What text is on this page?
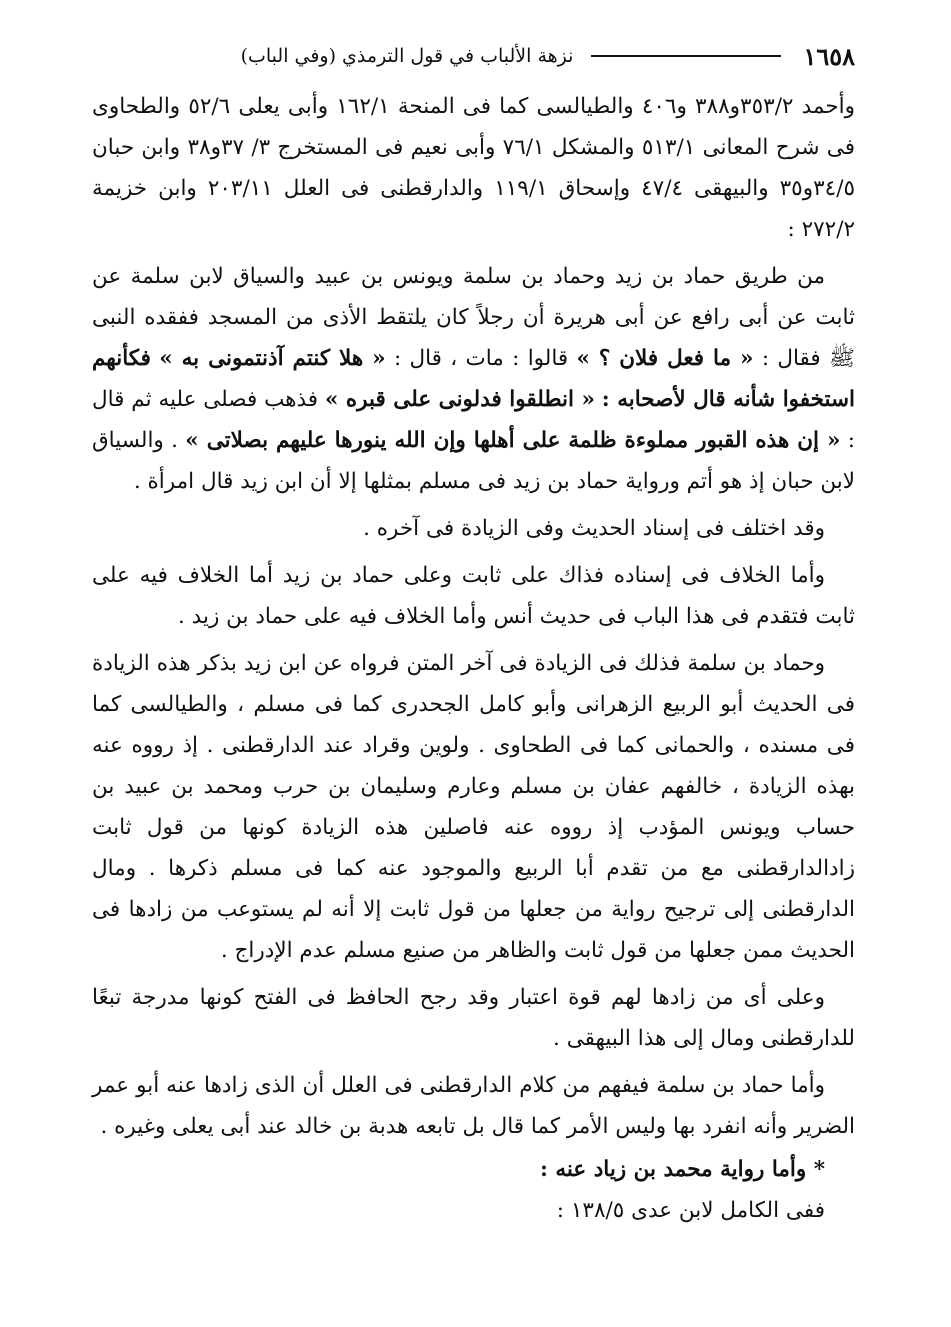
١٦٥٨
نزهة الألباب في قول الترمذي (وفي الباب)

وأحمد ٣٥٣/٢و٣٨٨ و٤٠٦ والطيالسى كما فى المنحة ١٦٢/١ وأبى يعلى ٥٢/٦ والطحاوى فى شرح المعانى ٥١٣/١ والمشكل ٧٦/١ وأبى نعيم فى المستخرج ٣/ ٣٧و٣٨ وابن حبان ٣٤/٥و٣٥ والبيهقى ٤٧/٤ وإسحاق ١١٩/١ والدارقطنى فى العلل ٢٠٣/١١ وابن خزيمة ٢٧٢/٢ :

من طريق حماد بن زيد وحماد بن سلمة ويونس بن عبيد والسياق لابن سلمة عن ثابت عن أبى رافع عن أبى هريرة أن رجلاً كان يلتقط الأذى من المسجد ففقده النبى ﷺ فقال : « ما فعل فلان ؟ » قالوا : مات ، قال : « هلا كنتم آذنتمونى به » فكأنهم استخفوا شأنه قال لأصحابه : « انطلقوا فدلونى على قبره » فذهب فصلى عليه ثم قال : « إن هذه القبور مملوءة ظلمة على أهلها وإن الله ينورها عليهم بصلاتى » . والسياق لابن حبان إذ هو أتم ورواية حماد بن زيد فى مسلم بمثلها إلا أن ابن زيد قال امرأة .

وقد اختلف فى إسناد الحديث وفى الزيادة فى آخره .

وأما الخلاف فى إسناده فذاك على ثابت وعلى حماد بن زيد أما الخلاف فيه على ثابت فتقدم فى هذا الباب فى حديث أنس وأما الخلاف فيه على حماد بن زيد .

وحماد بن سلمة فذلك فى الزيادة فى آخر المتن فرواه عن ابن زيد بذكر هذه الزيادة فى الحديث أبو الربيع الزهرانى وأبو كامل الجحدرى كما فى مسلم ، والطيالسى كما فى مسنده ، والحمانى كما فى الطحاوى . ولوين وقراد عند الدارقطنى . إذ رووه عنه بهذه الزيادة ، خالفهم عفان بن مسلم وعارم وسليمان بن حرب ومحمد بن عبيد بن حساب ويونس المؤدب إذ رووه عنه فاصلين هذه الزيادة كونها من قول ثابت زادالدارقطنى مع من تقدم أبا الربيع والموجود عنه كما فى مسلم ذكرها . ومال الدارقطنى إلى ترجيح رواية من جعلها من قول ثابت إلا أنه لم يستوعب من زادها فى الحديث ممن جعلها من قول ثابت والظاهر من صنيع مسلم عدم الإدراج .

وعلى أى من زادها لهم قوة اعتبار وقد رجح الحافظ فى الفتح كونها مدرجة تبعًا للدارقطنى ومال إلى هذا البيهقى .

وأما حماد بن سلمة فيفهم من كلام الدارقطنى فى العلل أن الذى زادها عنه أبو عمر الضرير وأنه انفرد بها وليس الأمر كما قال بل تابعه هدبة بن خالد عند أبى يعلى وغيره .

* وأما رواية محمد بن زياد عنه :

ففى الكامل لابن عدى ١٣٨/٥ :
